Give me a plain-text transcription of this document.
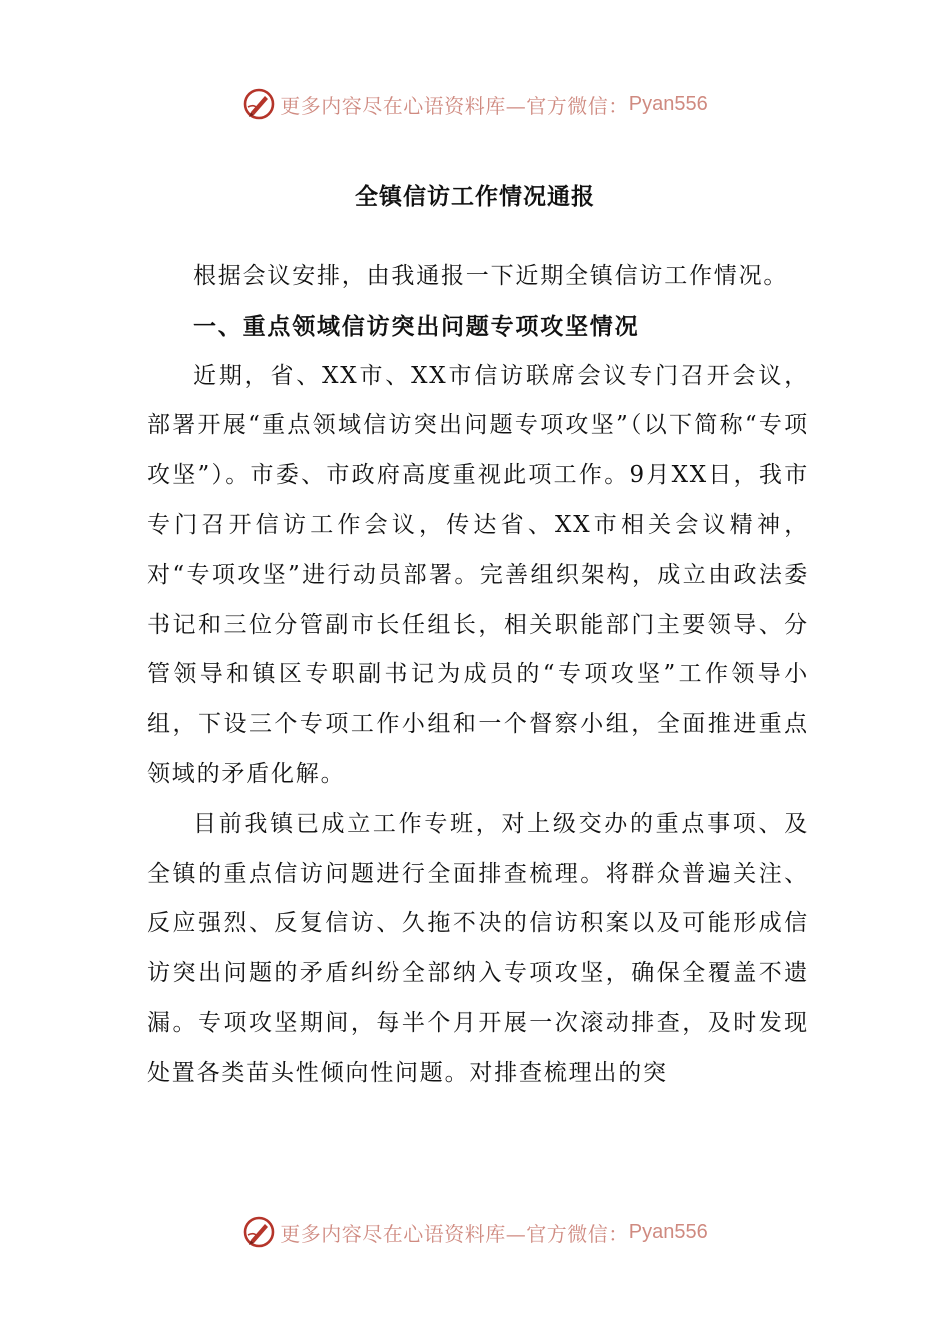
更多内容尽在心语资料库—官方微信： Pyan556
全镇信访工作情况通报

根据会议安排，由我通报一下近期全镇信访工作情况。

一、重点领域信访突出问题专项攻坚情况

近期，省、XX市、XX市信访联席会议专门召开会议，部署开展“重点领域信访突出问题专项攻坚”（以下简称“专项攻坚”）。市委、市政府高度重视此项工作。9月XX日，我市专门召开信访工作会议，传达省、XX市相关会议精神，对“专项攻坚”进行动员部署。完善组织架构，成立由政法委书记和三位分管副市长任组长，相关职能部门主要领导、分管领导和镇区专职副书记为成员的“专项攻坚”工作领导小组，下设三个专项工作小组和一个督察小组，全面推进重点领域的矛盾化解。

目前我镇已成立工作专班，对上级交办的重点事项、及全镇的重点信访问题进行全面排查梳理。将群众普遍关注、反应强烈、反复信访、久拖不决的信访积案以及可能形成信访突出问题的矛盾纠纷全部纳入专项攻坚，确保全覆盖不遗漏。专项攻坚期间，每半个月开展一次滚动排查，及时发现处置各类苗头性倾向性问题。对排查梳理出的突

更多内容尽在心语资料库—官方微信： Pyan556
